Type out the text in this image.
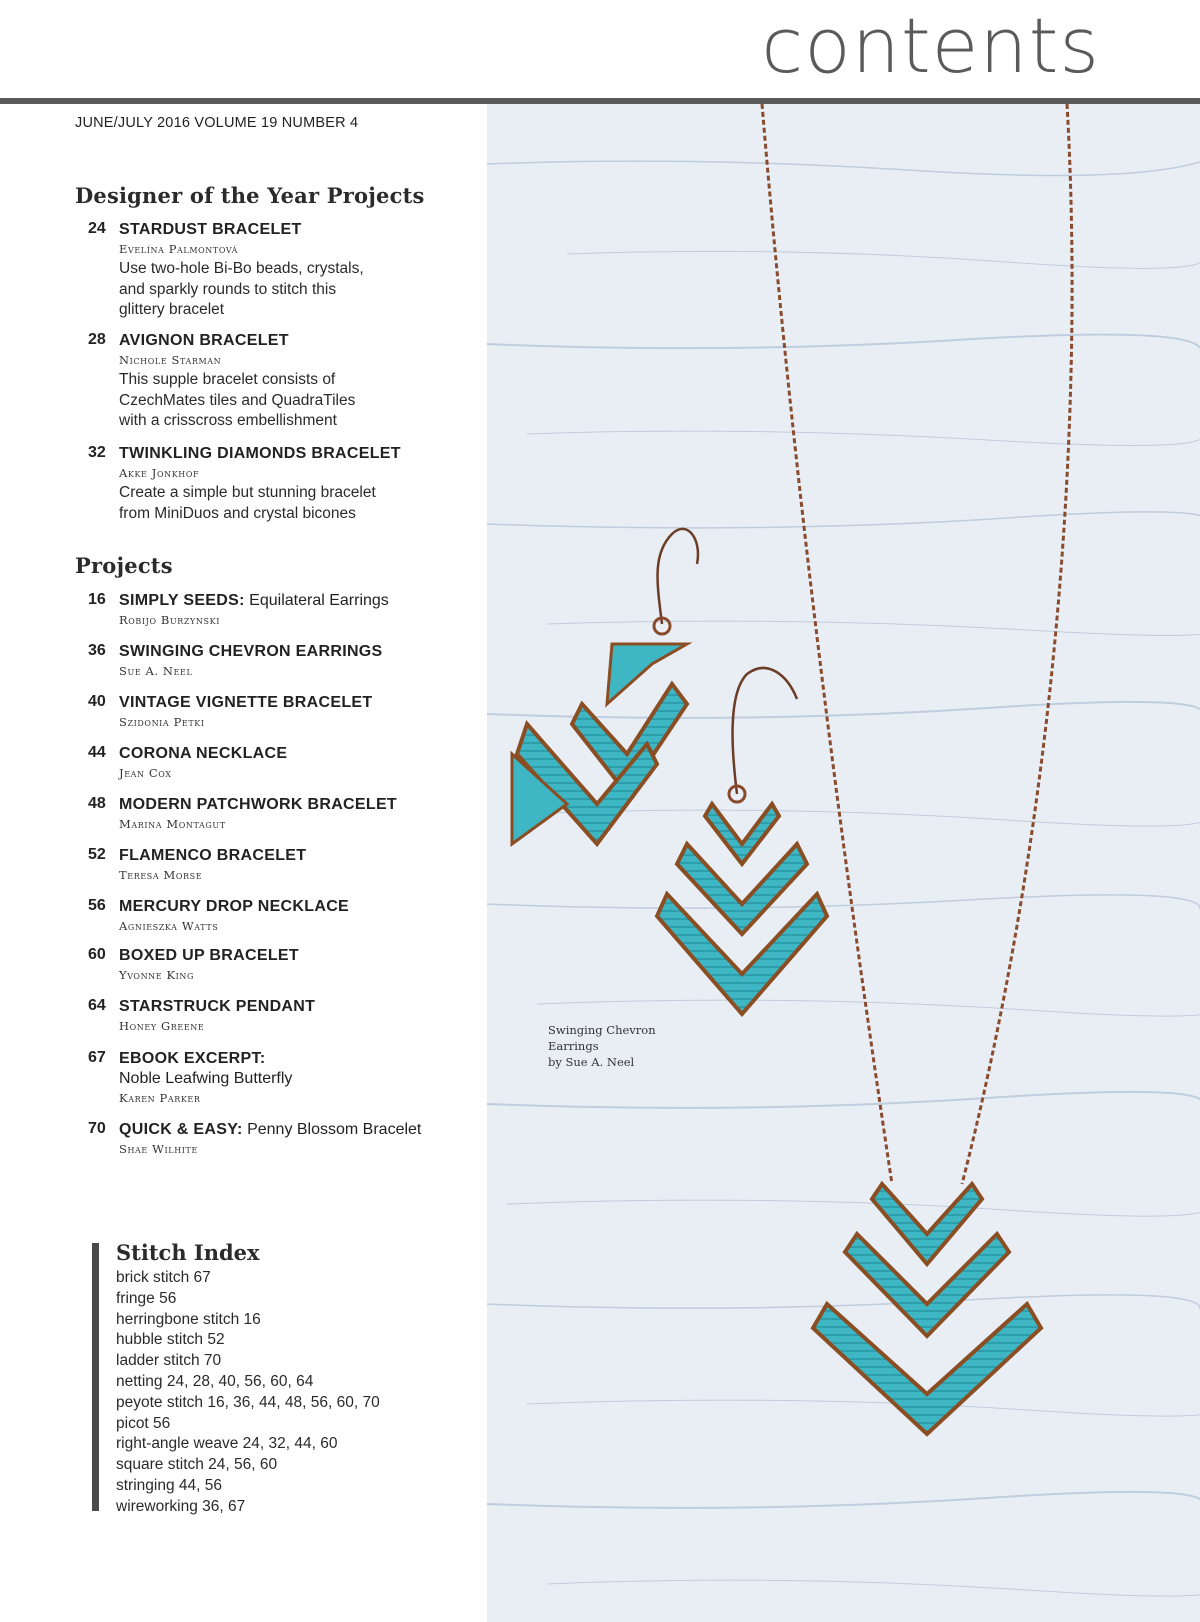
contents
JUNE/JULY 2016 VOLUME 19 NUMBER 4
Designer of the Year Projects
24 STARDUST BRACELET
Evelína Palmontová
Use two-hole Bi-Bo beads, crystals,
and sparkly rounds to stitch this
glittery bracelet
28 AVIGNON BRACELET
Nichole Starman
This supple bracelet consists of
CzechMates tiles and QuadraTiles
with a crisscross embellishment
32 TWINKLING DIAMONDS BRACELET
Akke Jonkhof
Create a simple but stunning bracelet
from MiniDuos and crystal bicones
Projects
16 SIMPLY SEEDS: Equilateral Earrings
Robijo Burzynski
36 SWINGING CHEVRON EARRINGS
Sue A. Neel
40 VINTAGE VIGNETTE BRACELET
Szidonia Petki
44 CORONA NECKLACE
Jean Cox
48 MODERN PATCHWORK BRACELET
Marina Montagut
52 FLAMENCO BRACELET
Teresa Morse
56 MERCURY DROP NECKLACE
Agnieszka Watts
60 BOXED UP BRACELET
Yvonne King
64 STARSTRUCK PENDANT
Honey Greene
67 EBOOK EXCERPT:
Noble Leafwing Butterfly
Karen Parker
70 QUICK & EASY: Penny Blossom Bracelet
Shae Wilhite
Stitch Index
brick stitch 67
fringe 56
herringbone stitch 16
hubble stitch 52
ladder stitch 70
netting 24, 28, 40, 56, 60, 64
peyote stitch 16, 36, 44, 48, 56, 60, 70
picot 56
right-angle weave 24, 32, 44, 60
square stitch 24, 56, 60
stringing 44, 56
wireworking 36, 67
Swinging Chevron
Earrings
by Sue A. Neel
